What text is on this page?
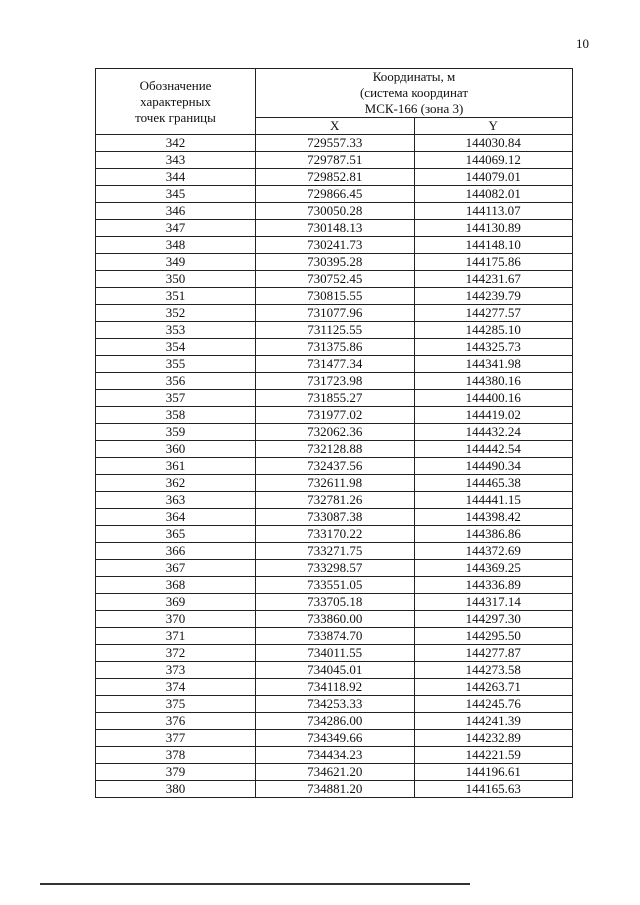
10
Обозначение
характерных
точек границы	Координаты, м
(система координат
МСК-166 (зона 3)	

	X	Y
342	729557.33	144030.84
343	729787.51	144069.12
344	729852.81	144079.01
345	729866.45	144082.01
346	730050.28	144113.07
347	730148.13	144130.89
348	730241.73	144148.10
349	730395.28	144175.86
350	730752.45	144231.67
351	730815.55	144239.79
352	731077.96	144277.57
353	731125.55	144285.10
354	731375.86	144325.73
355	731477.34	144341.98
356	731723.98	144380.16
357	731855.27	144400.16
358	731977.02	144419.02
359	732062.36	144432.24
360	732128.88	144442.54
361	732437.56	144490.34
362	732611.98	144465.38
363	732781.26	144441.15
364	733087.38	144398.42
365	733170.22	144386.86
366	733271.75	144372.69
367	733298.57	144369.25
368	733551.05	144336.89
369	733705.18	144317.14
370	733860.00	144297.30
371	733874.70	144295.50
372	734011.55	144277.87
373	734045.01	144273.58
374	734118.92	144263.71
375	734253.33	144245.76
376	734286.00	144241.39
377	734349.66	144232.89
378	734434.23	144221.59
379	734621.20	144196.61
380	734881.20	144165.63
